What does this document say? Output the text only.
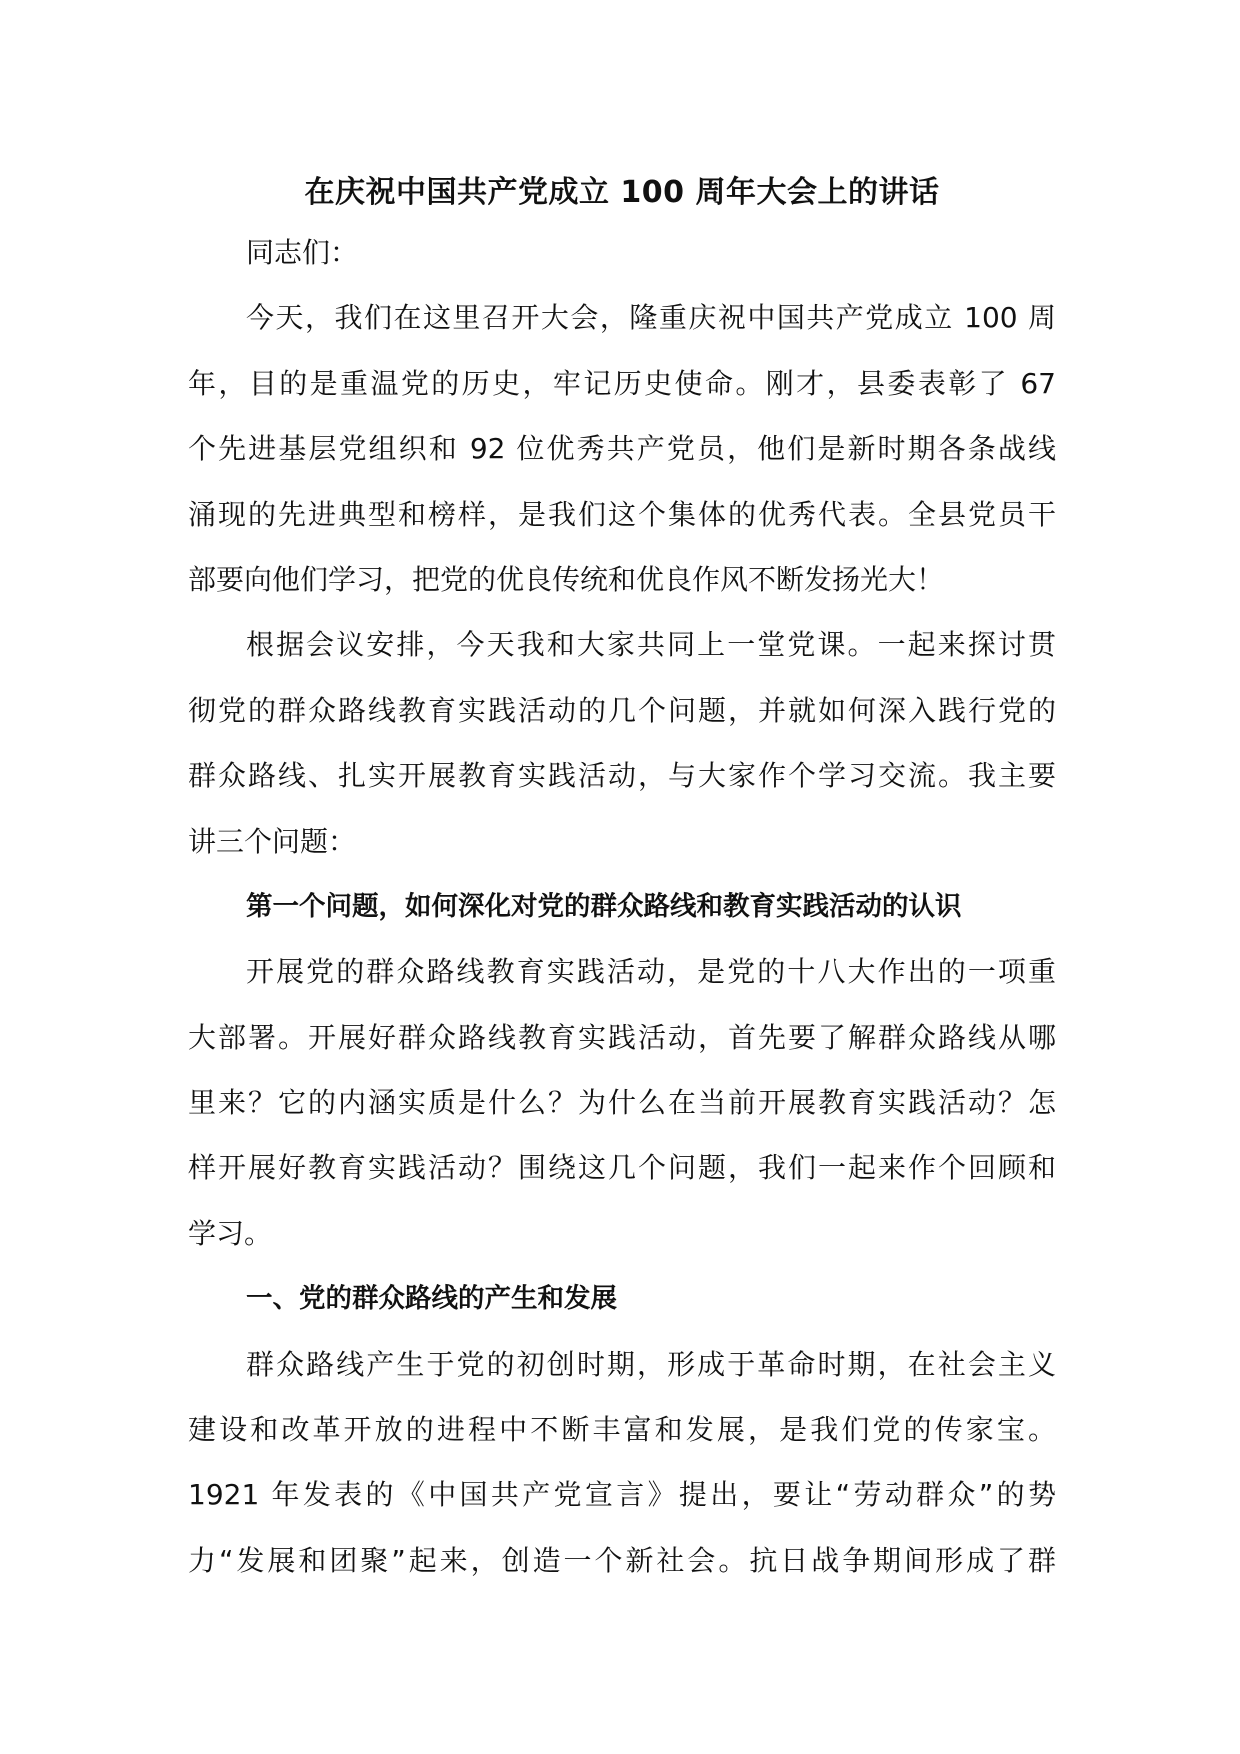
在庆祝中国共产党成立 100 周年大会上的讲话

同志们：

今天，我们在这里召开大会，隆重庆祝中国共产党成立 100 周

年，目的是重温党的历史，牢记历史使命。刚才，县委表彰了 67

个先进基层党组织和 92 位优秀共产党员，他们是新时期各条战线

涌现的先进典型和榜样，是我们这个集体的优秀代表。全县党员干

部要向他们学习，把党的优良传统和优良作风不断发扬光大！

根据会议安排，今天我和大家共同上一堂党课。一起来探讨贯

彻党的群众路线教育实践活动的几个问题，并就如何深入践行党的

群众路线、扎实开展教育实践活动，与大家作个学习交流。我主要

讲三个问题：

第一个问题，如何深化对党的群众路线和教育实践活动的认识

开展党的群众路线教育实践活动，是党的十八大作出的一项重

大部署。开展好群众路线教育实践活动，首先要了解群众路线从哪

里来？它的内涵实质是什么？为什么在当前开展教育实践活动？怎

样开展好教育实践活动？围绕这几个问题，我们一起来作个回顾和

学习。

一、党的群众路线的产生和发展

群众路线产生于党的初创时期，形成于革命时期，在社会主义

建设和改革开放的进程中不断丰富和发展，是我们党的传家宝。

1921 年发表的《中国共产党宣言》提出，要让“劳动群众”的势

力“发展和团聚”起来，创造一个新社会。抗日战争期间形成了群
